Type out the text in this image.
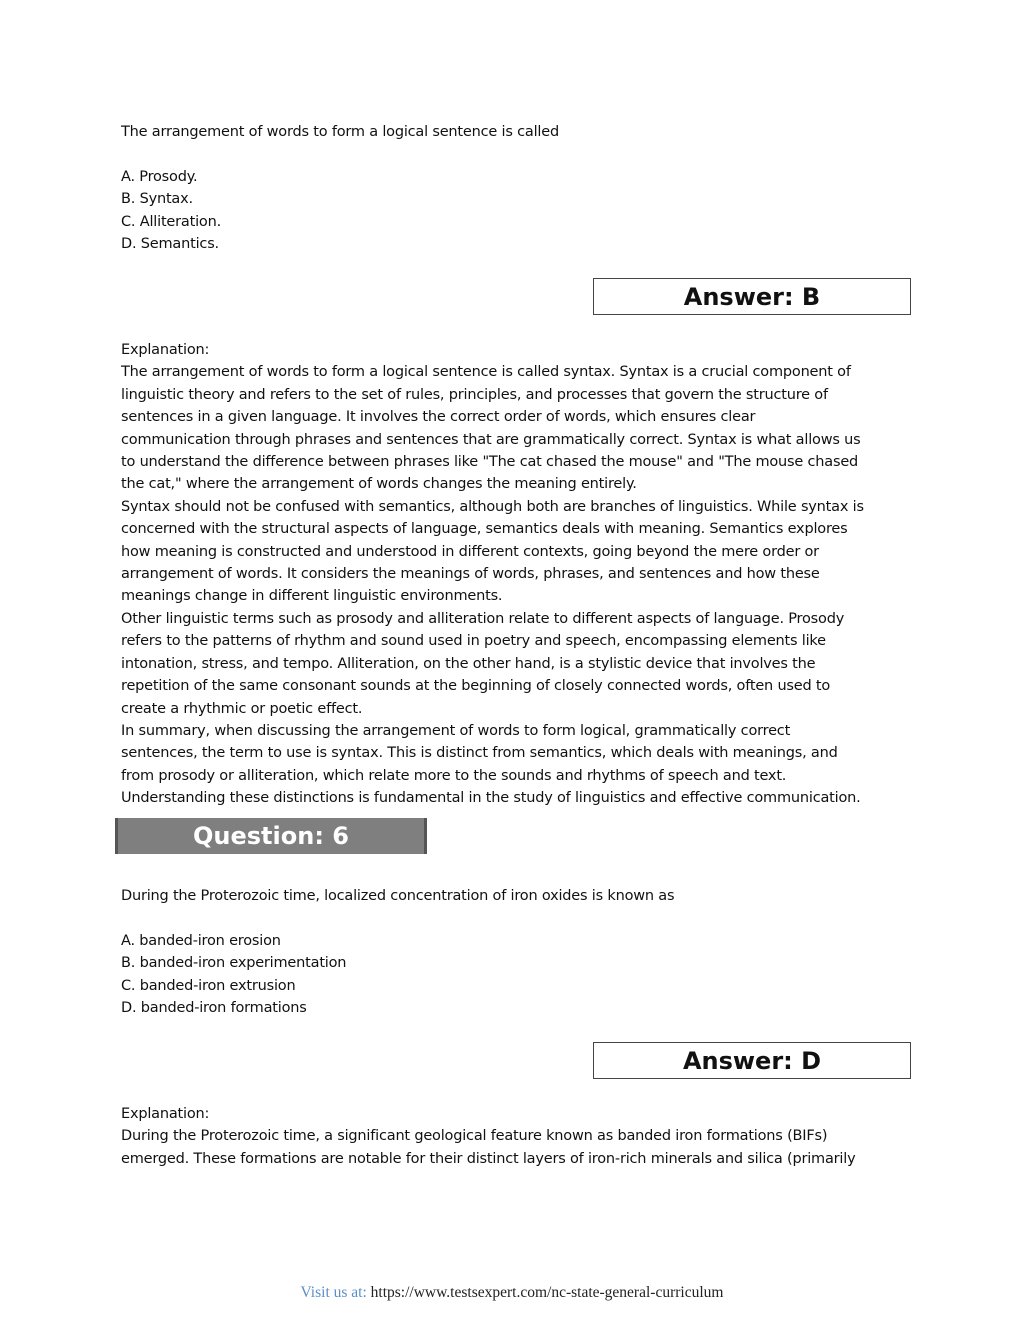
The arrangement of words to form a logical sentence is called
A. Prosody.
B. Syntax.
C. Alliteration.
D. Semantics.
Answer: B
Explanation:
The arrangement of words to form a logical sentence is called syntax. Syntax is a crucial component of
linguistic theory and refers to the set of rules, principles, and processes that govern the structure of
sentences in a given language. It involves the correct order of words, which ensures clear
communication through phrases and sentences that are grammatically correct. Syntax is what allows us
to understand the difference between phrases like "The cat chased the mouse" and "The mouse chased
the cat," where the arrangement of words changes the meaning entirely.
Syntax should not be confused with semantics, although both are branches of linguistics. While syntax is
concerned with the structural aspects of language, semantics deals with meaning. Semantics explores
how meaning is constructed and understood in different contexts, going beyond the mere order or
arrangement of words. It considers the meanings of words, phrases, and sentences and how these
meanings change in different linguistic environments.
Other linguistic terms such as prosody and alliteration relate to different aspects of language. Prosody
refers to the patterns of rhythm and sound used in poetry and speech, encompassing elements like
intonation, stress, and tempo. Alliteration, on the other hand, is a stylistic device that involves the
repetition of the same consonant sounds at the beginning of closely connected words, often used to
create a rhythmic or poetic effect.
In summary, when discussing the arrangement of words to form logical, grammatically correct
sentences, the term to use is syntax. This is distinct from semantics, which deals with meanings, and
from prosody or alliteration, which relate more to the sounds and rhythms of speech and text.
Understanding these distinctions is fundamental in the study of linguistics and effective communication.
Question: 6
During the Proterozoic time, localized concentration of iron oxides is known as
A. banded-iron erosion
B. banded-iron experimentation
C. banded-iron extrusion
D. banded-iron formations
Answer: D
Explanation:
During the Proterozoic time, a significant geological feature known as banded iron formations (BIFs)
emerged. These formations are notable for their distinct layers of iron-rich minerals and silica (primarily
Visit us at: https://www.testsexpert.com/nc-state-general-curriculum
